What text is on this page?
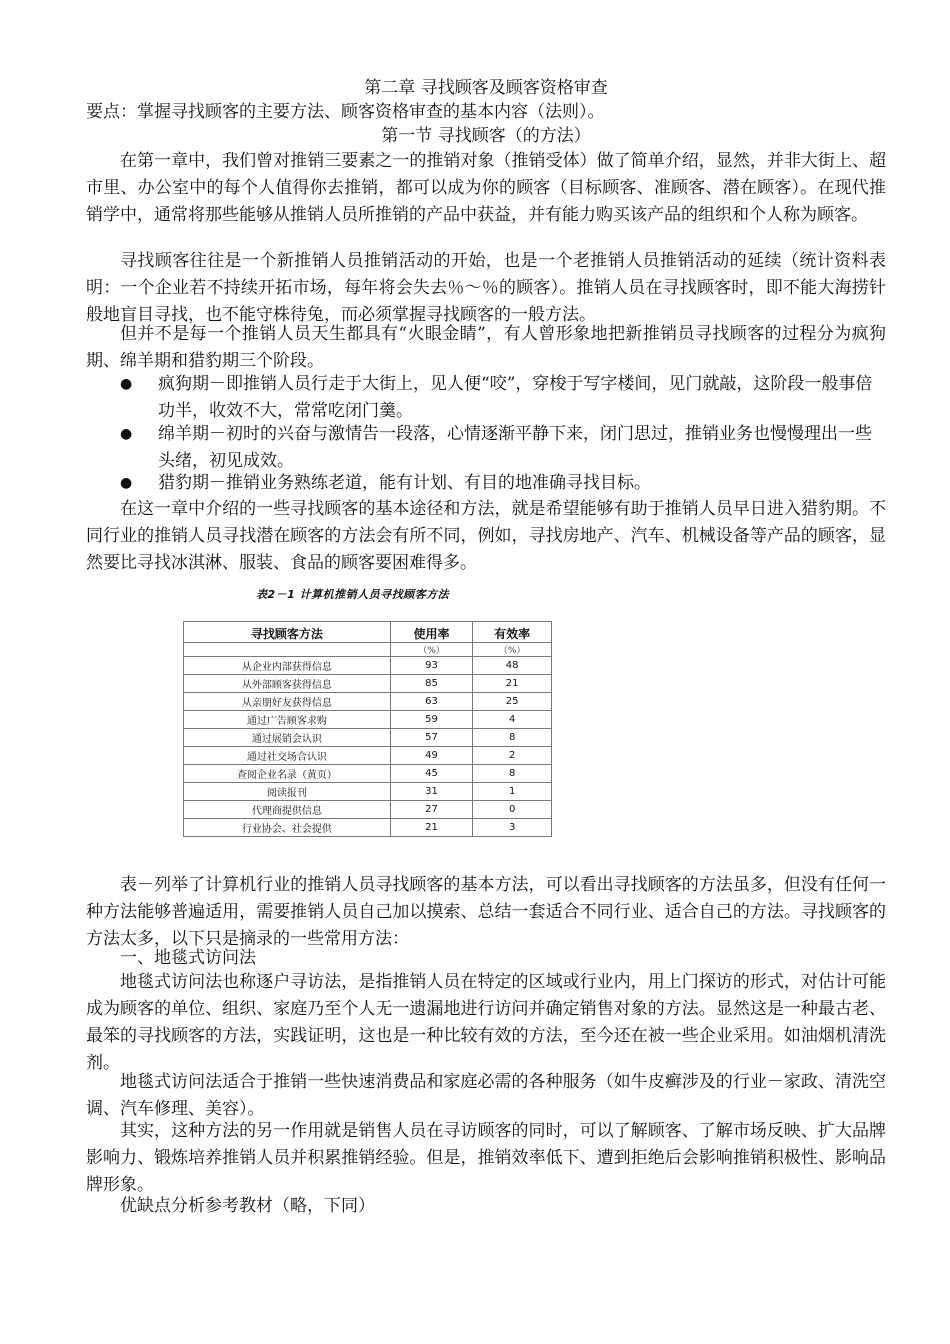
第二章 寻找顾客及顾客资格审查
要点：掌握寻找顾客的主要方法、顾客资格审查的基本内容（法则）。
第一节 寻找顾客（的方法）
在第一章中，我们曾对推销三要素之一的推销对象（推销受体）做了简单介绍，显然，并非大街上、超市里、办公室中的每个人值得你去推销，都可以成为你的顾客（目标顾客、准顾客、潜在顾客）。在现代推销学中，通常将那些能够从推销人员所推销的产品中获益，并有能力购买该产品的组织和个人称为顾客。
寻找顾客往往是一个新推销人员推销活动的开始，也是一个老推销人员推销活动的延续（统计资料表明：一个企业若不持续开拓市场，每年将会失去％～％的顾客）。推销人员在寻找顾客时，即不能大海捞针般地盲目寻找，也不能守株待兔，而必须掌握寻找顾客的一般方法。
但并不是每一个推销人员天生都具有“火眼金睛”，有人曾形象地把新推销员寻找顾客的过程分为疯狗期、绵羊期和猎豹期三个阶段。
●	疯狗期－即推销人员行走于大街上，见人便“咬”，穿梭于写字楼间，见门就敲，这阶段一般事倍功半，收效不大，常常吃闭门羹。
●	绵羊期－初时的兴奋与激情告一段落，心情逐渐平静下来，闭门思过，推销业务也慢慢理出一些头绪，初见成效。
●	猎豹期－推销业务熟练老道，能有计划、有目的地准确寻找目标。
在这一章中介绍的一些寻找顾客的基本途径和方法，就是希望能够有助于推销人员早日进入猎豹期。不同行业的推销人员寻找潜在顾客的方法会有所不同，例如，寻找房地产、汽车、机械设备等产品的顾客，显然要比寻找冰淇淋、服装、食品的顾客要困难得多。
表2－1 计算机推销人员寻找顾客方法
寻找顾客方法	使用率	有效率
	（%）	（%）
从企业内部获得信息	93	48
从外部顾客获得信息	85	21
从亲朋好友获得信息	63	25
通过广告顾客求购	59	4
通过展销会认识	57	8
通过社交场合认识	49	2
查阅企业名录（黄页）	45	8
阅读报刊	31	1
代理商提供信息	27	0
行业协会、社会提供	21	3
表－列举了计算机行业的推销人员寻找顾客的基本方法，可以看出寻找顾客的方法虽多，但没有任何一种方法能够普遍适用，需要推销人员自己加以摸索、总结一套适合不同行业、适合自己的方法。寻找顾客的方法太多，以下只是摘录的一些常用方法：
一、地毯式访问法
地毯式访问法也称逐户寻访法，是指推销人员在特定的区域或行业内，用上门探访的形式，对估计可能成为顾客的单位、组织、家庭乃至个人无一遗漏地进行访问并确定销售对象的方法。显然这是一种最古老、最笨的寻找顾客的方法，实践证明，这也是一种比较有效的方法，至今还在被一些企业采用。如油烟机清洗剂。
地毯式访问法适合于推销一些快速消费品和家庭必需的各种服务（如牛皮癣涉及的行业－家政、清洗空调、汽车修理、美容）。
其实，这种方法的另一作用就是销售人员在寻访顾客的同时，可以了解顾客、了解市场反映、扩大品牌影响力、锻炼培养推销人员并积累推销经验。但是，推销效率低下、遭到拒绝后会影响推销积极性、影响品牌形象。
优缺点分析参考教材（略，下同）
